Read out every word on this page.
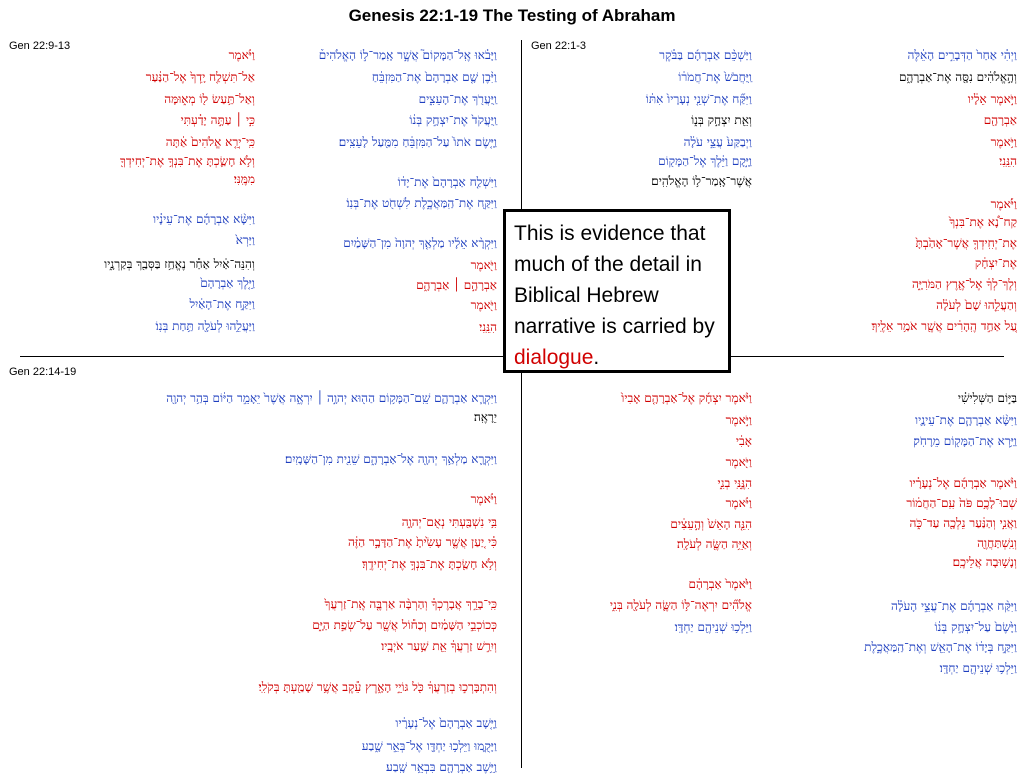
Genesis 22:1-19 The Testing of Abraham
Gen 22:9-13	Gen 22:1-3
Gen 22:14-19
וַיְהִ֗י אַחַר֙ הַדְּבָרִ֣ים הָאֵ֔לֶּה
וְהָ֣אֱלֹהִ֔ים נִסָּ֖ה אֶת־אַבְרָהָ֑ם
וַיֹּ֣אמֶר אֵלָ֔יו
אַבְרָהָ֖ם
וַיֹּ֥אמֶר
הִנֵּֽנִי׃
וַיֹּ֡אמֶר
קַח־נָ֠א אֶת־בִּנְךָ֙
אֶת־יְחִֽידְךָ֤ אֲשֶׁר־אָהַ֙בְתָּ֙
אֶת־יִצְחָ֔ק
וְלֶךְ־לְךָ֔ אֶל־אֶ֖רֶץ הַמֹּרִיָּ֑ה
וְהַעֲלֵ֤הוּ שָׁם֙ לְעֹלָ֔ה
עַ֚ל אַחַ֣ד הֶֽהָרִ֔ים אֲשֶׁ֖ר אֹמַ֥ר אֵלֶֽיךָ׃
וַיַּשְׁכֵּ֨ם אַבְרָהָ֜ם בַּבֹּ֗קֶר
וַֽיַּחֲבֹשׁ֙ אֶת־חֲמֹר֔וֹ
וַיִּקַּ֞ח אֶת־שְׁנֵ֤י נְעָרָיו֙ אִתּ֔וֹ
וְאֵ֖ת יִצְחָ֣ק בְּנ֑וֹ
וַיְבַקַּע֙ עֲצֵ֣י עֹלָ֔ה
וַיָּ֣קָם וַיֵּ֔לֶךְ אֶל־הַמָּק֖וֹם
אֲשֶׁר־אָֽמַר־ל֥וֹ הָאֱלֹהִֽים׃
וַיָּבֹ֗אוּ אֶֽל־הַמָּקוֹם֮ אֲשֶׁ֣ר אָֽמַר־ל֣וֹ הָאֱלֹהִים֒
וַיִּ֨בֶן שָׁ֤ם אַבְרָהָם֙ אֶת־הַמִּזְבֵּ֔חַ
וַֽיַּעֲרֹ֖ךְ אֶת־הָעֵצִ֑ים
וַֽיַּעֲקֹד֙ אֶת־יִצְחָ֣ק בְּנ֔וֹ
וַיָּ֤שֶׂם אֹתוֹ֙ עַל־הַמִּזְבֵּ֔חַ מִמַּ֖עַל לָעֵצִֽים׃
וַיִּשְׁלַ֤ח אַבְרָהָם֙ אֶת־יָד֔וֹ
וַיִּקַּ֖ח אֶת־הַֽמַּאֲכֶ֑לֶת לִשְׁחֹ֖ט אֶת־בְּנֽוֹ׃
וַיִּקְרָ֨א אֵלָ֜יו מַלְאַ֤ךְ יְהוָה֙ מִן־הַשָּׁמַ֔יִם
וַיֹּ֖אמֶר
אַבְרָהָ֣ם ׀ אַבְרָהָ֑ם
וַיֹּ֖אמֶר
הִנֵּֽנִי׃
וַיֹּ֗אמֶר
אַל־תִּשְׁלַ֤ח יָֽדְךָ֙ אֶל־הַנַּ֔עַר
וְאַל־תַּ֥עַשׂ ל֖וֹ מְא֑וּמָּה
כִּ֣י ׀ עַתָּ֣ה יָדַ֗עְתִּי
כִּֽי־יְרֵ֤א אֱלֹהִים֙ אַ֔תָּה
וְלֹ֥א חָשַׂ֛כְתָּ אֶת־בִּנְךָ֥ אֶת־יְחִידְךָ֖
מִמֶּֽנִּי׃
וַיִּשָּׂ֨א אַבְרָהָ֜ם אֶת־עֵינָ֗יו
וַיַּרְא֙
וְהִנֵּה־אַ֔יִל אַחַ֕ר נֶאֱחַ֥ז בַּסְּבַ֖ךְ בְּקַרְנָ֑יו
וַיֵּ֤לֶךְ אַבְרָהָם֙
וַיִּקַּ֣ח אֶת־הָאַ֔יִל
וַיַּעֲלֵ֥הוּ לְעֹלָ֖ה תַּ֥חַת בְּנֽוֹ׃
בַּיּ֣וֹם הַשְּׁלִישִׁ֗י
וַיִּשָּׂ֨א אַבְרָהָ֧ם אֶת־עֵינָ֛יו
וַיַּ֥רְא אֶת־הַמָּק֖וֹם מֵרָחֹֽק׃
וַיֹּ֨אמֶר אַבְרָהָ֜ם אֶל־נְעָרָ֗יו
שְׁבוּ־לָכֶ֥ם פֹּה֙ עִֽם־הַחֲמ֔וֹר
וַאֲנִ֣י וְהַנַּ֔עַר נֵלְכָ֖ה עַד־כֹּ֑ה
וְנִֽשְׁתַּחֲוֶ֖ה
וְנָשׁ֥וּבָה אֲלֵיכֶֽם׃
וַיִּקַּ֨ח אַבְרָהָ֜ם אֶת־עֲצֵ֣י הָעֹלָ֗ה
וַיָּ֙שֶׂם֙ עַל־יִצְחָ֣ק בְּנ֔וֹ
וַיִּקַּ֣ח בְּיָד֔וֹ אֶת־הָאֵ֖שׁ וְאֶת־הַֽמַּאֲכֶ֑לֶת
וַיֵּלְכ֥וּ שְׁנֵיהֶ֖ם יַחְדָּֽו׃
וַיֹּ֨אמֶר יִצְחָ֜ק אֶל־אַבְרָהָ֤ם אָבִיו֙
וַיֹּ֣אמֶר
אָבִ֔י
וַיֹּ֖אמֶר
הִנֶּ֣נִּֽי בְנִ֑י
וַיֹּ֗אמֶר
הִנֵּ֤ה הָאֵשׁ֙ וְהָ֣עֵצִ֔ים
וְאַיֵּ֥ה הַשֶּׂ֖ה לְעֹלָֽה׃
וַיֹּ֙אמֶר֙ אַבְרָהָ֔ם
אֱלֹהִ֞ים יִרְאֶה־לּ֥וֹ הַשֶּׂ֛ה לְעֹלָ֖ה בְּנִ֑י
וַיֵּלְכ֥וּ שְׁנֵיהֶ֖ם יַחְדָּֽו׃
וַיִּקְרָ֧א אַבְרָהָ֛ם שֵֽׁם־הַמָּק֥וֹם הַה֖וּא יְהוָ֣ה ׀ יִרְאֶ֑ה אֲשֶׁר֙ יֵאָמֵ֣ר הַיּ֔וֹם בְּהַ֥ר יְהוָ֖ה
יֵרָאֶֽה׃
וַיִּקְרָ֛א מַלְאַ֥ךְ יְהוָ֖ה אֶל־אַבְרָהָ֑ם שֵׁנִ֖ית מִן־הַשָּׁמָֽיִם׃
וַיֹּ֗אמֶר
בִּ֥י נִשְׁבַּ֖עְתִּי נְאֻם־יְהוָ֑ה
כִּ֗י יַ֚עַן אֲשֶׁ֤ר עָשִׂ֙יתָ֙ אֶת־הַדָּבָ֣ר הַזֶּ֔ה
וְלֹ֥א חָשַׂ֖כְתָּ אֶת־בִּנְךָ֥ אֶת־יְחִידֶֽךָ׃
כִּֽי־בָרֵ֣ךְ אֲבָרֶכְךָ֗ וְהַרְבָּ֨ה אַרְבֶּ֤ה אֶֽת־זַרְעֲךָ֙
כְּכוֹכְבֵ֣י הַשָּׁמַ֔יִם וְכַח֕וֹל אֲשֶׁ֖ר עַל־שְׂפַ֣ת הַיָּ֑ם
וְיִרַ֣שׁ זַרְעֲךָ֔ אֵ֖ת שַׁ֥עַר אֹיְבָֽיו׃
וְהִתְבָּרְכ֣וּ בְזַרְעֲךָ֔ כֹּ֖ל גּוֹיֵ֣י הָאָ֑רֶץ עֵ֕קֶב אֲשֶׁ֥ר שָׁמַ֖עְתָּ בְּקֹלִֽי׃
וַיָּ֤שָׁב אַבְרָהָם֙ אֶל־נְעָרָ֔יו
וַיָּקֻ֛מוּ וַיֵּלְכ֥וּ יַחְדָּ֖ו אֶל־בְּאֵ֣ר שָׁ֑בַע
וַיֵּ֥שֶׁב אַבְרָהָ֖ם בִּבְאֵ֥ר שָֽׁבַע׃
This is evidence that much of the detail in Biblical Hebrew narrative is carried by dialogue.
